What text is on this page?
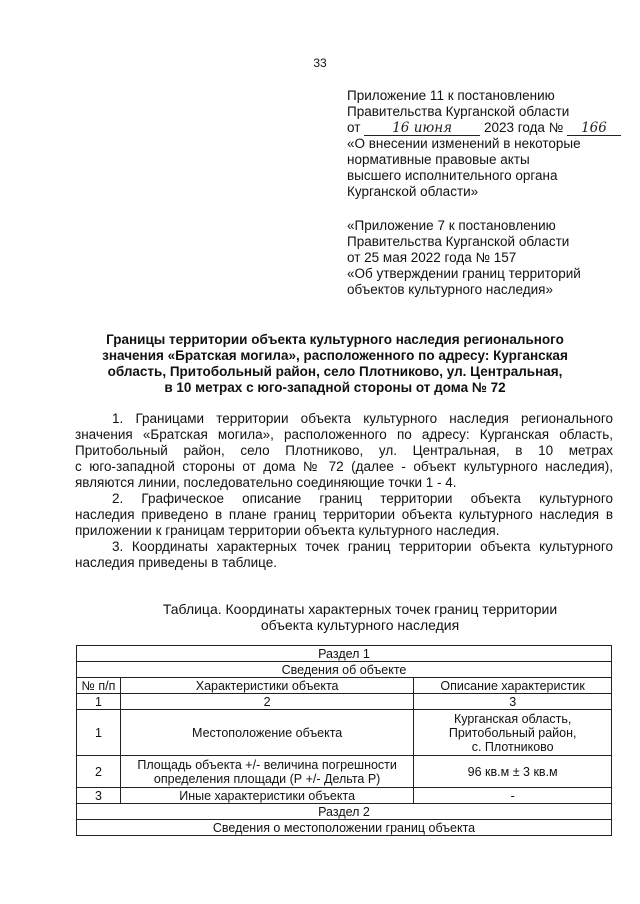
33
Приложение 11 к постановлению
Правительства Курганской области
от 16 июня 2023 года № 166
«О внесении изменений в некоторые
нормативные правовые акты
высшего исполнительного органа
Курганской области»
«Приложение 7 к постановлению
Правительства Курганской области
от 25 мая 2022 года № 157
«Об утверждении границ территорий
объектов культурного наследия»
Границы территории объекта культурного наследия регионального
значения «Братская могила», расположенного по адресу: Курганская
область, Притобольный район, село Плотниково, ул. Центральная,
в 10 метрах с юго-западной стороны от дома № 72
1. Границами территории объекта культурного наследия регионального
значения «Братская могила», расположенного по адресу: Курганская область,
Притобольный район, село Плотниково, ул. Центральная, в 10 метрах
с юго-западной стороны от дома № 72 (далее - объект культурного наследия),
являются линии, последовательно соединяющие точки 1 - 4.
2. Графическое описание границ территории объекта культурного
наследия приведено в плане границ территории объекта культурного наследия в
приложении к границам территории объекта культурного наследия.
3. Координаты характерных точек границ территории объекта культурного
наследия приведены в таблице.
Таблица. Координаты характерных точек границ территории
объекта культурного наследия
Раздел 1		
Сведения об объекте		
№ п/п	Характеристики объекта	Описание характеристик
1	2	3
1	Местоположение объекта	Курганская область,
Притобольный район,
с. Плотниково

2	Площадь объекта +/- величина погрешности
определения площади (Р +/- Дельта Р)	96 кв.м ± 3 кв.м
3	Иные характеристики объекта	-
Раздел 2		
Сведения о местоположении границ объекта		
